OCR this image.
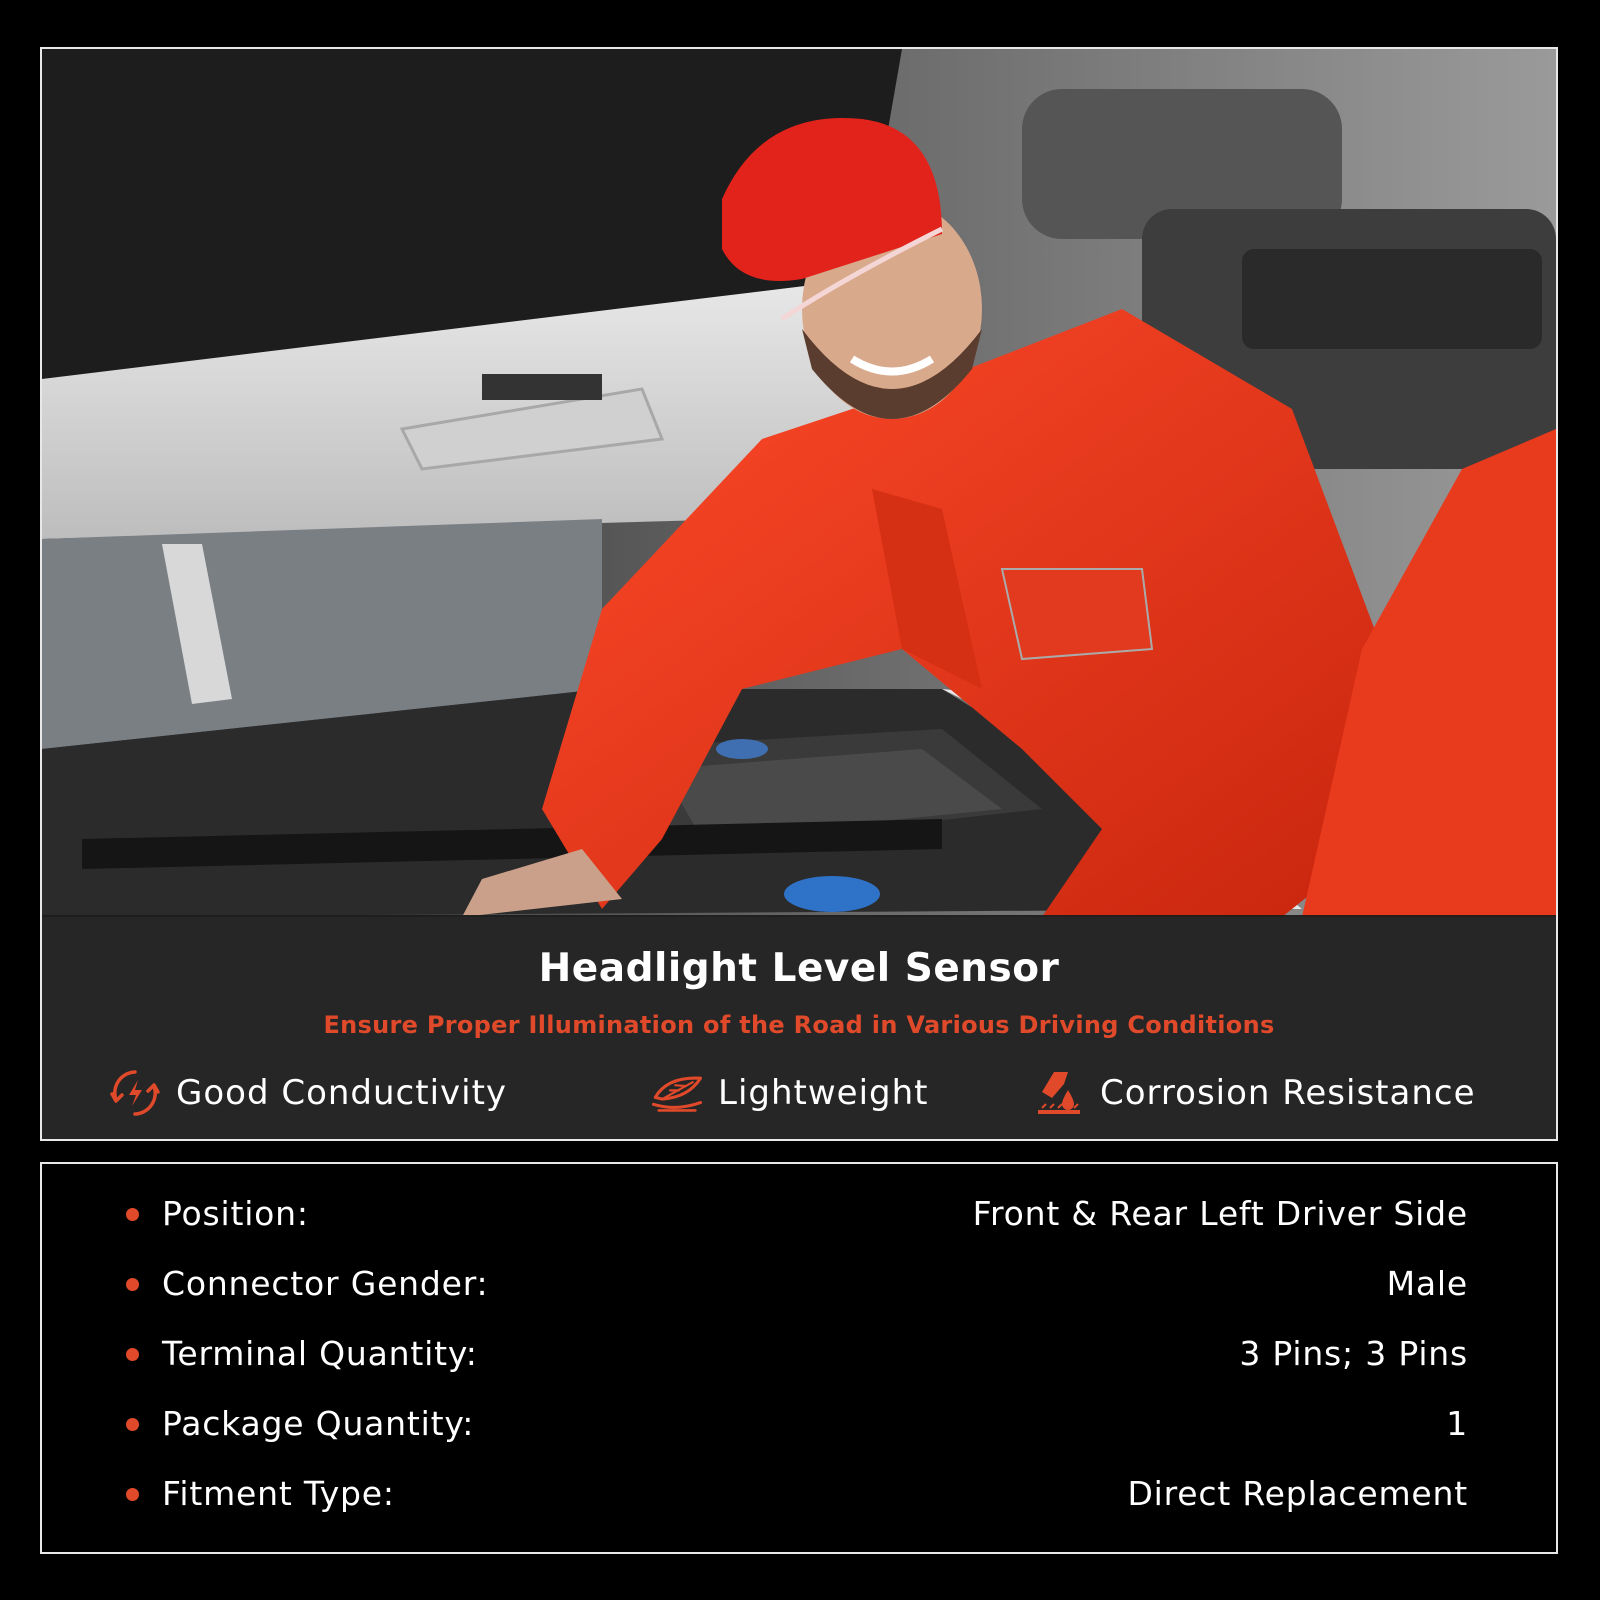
Headlight Level Sensor
Ensure Proper Illumination of the Road in Various Driving Conditions
Good Conductivity	Lightweight	Corrosion Resistance
Position:	Front & Rear Left Driver Side
Connector Gender:	Male
Terminal Quantity:	3 Pins; 3 Pins
Package Quantity:	1
Fitment Type:	Direct Replacement
